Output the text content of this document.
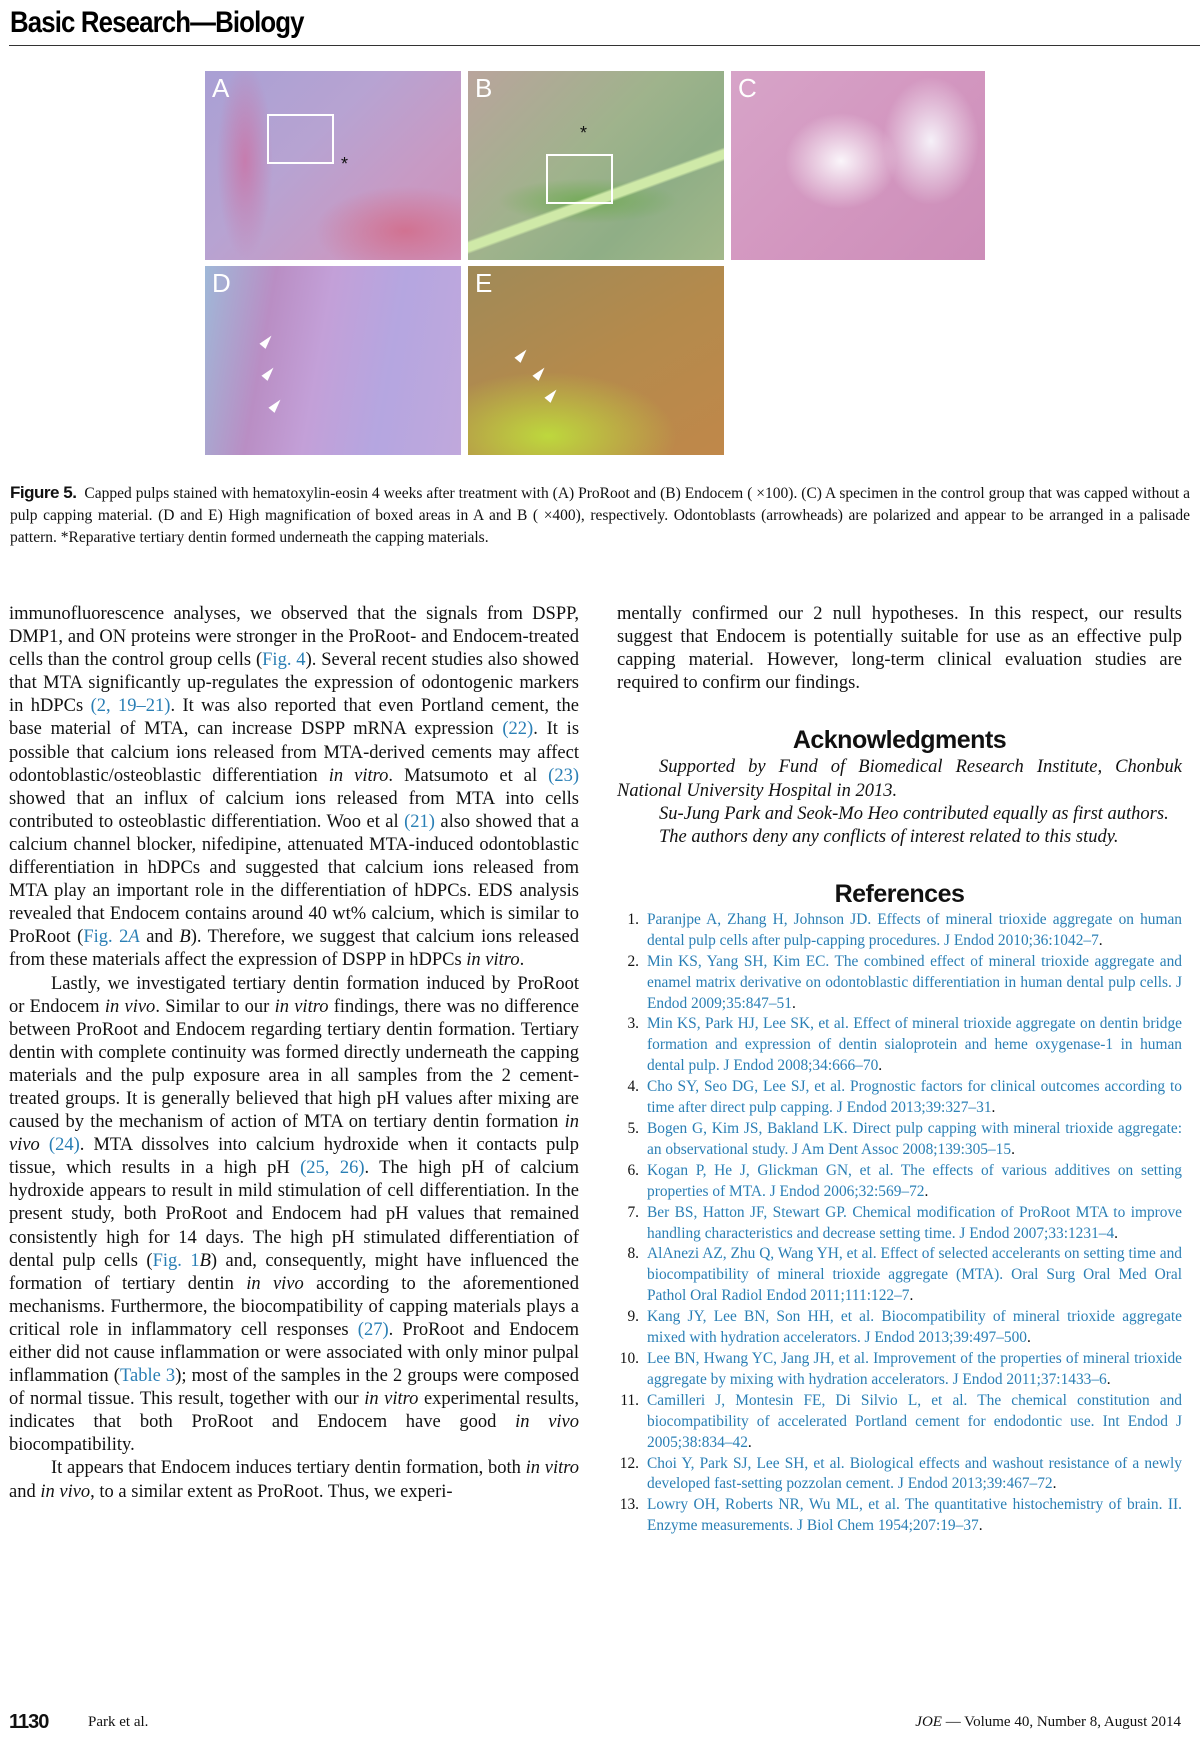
Basic Research—Biology
A
*
B
*
C
D	E
Figure 5. Capped pulps stained with hematoxylin-eosin 4 weeks after treatment with (A) ProRoot and (B) Endocem ( ×100). (C) A specimen in the control group that was capped without a pulp capping material. (D and E) High magnification of boxed areas in A and B ( ×400), respectively. Odontoblasts (arrowheads) are polarized and appear to be arranged in a palisade pattern. *Reparative tertiary dentin formed underneath the capping materials.

immunofluorescence analyses, we observed that the signals from DSPP, DMP1, and ON proteins were stronger in the ProRoot- and Endocem-treated cells than the control group cells (Fig. 4). Several recent studies also showed that MTA significantly up-regulates the expression of odontogenic markers in hDPCs (2, 19–21). It was also reported that even Portland cement, the base material of MTA, can increase DSPP mRNA expression (22). It is possible that calcium ions released from MTA-derived cements may affect odontoblastic/osteoblastic differentiation in vitro. Matsumoto et al (23) showed that an influx of calcium ions released from MTA into cells contributed to osteoblastic differentiation. Woo et al (21) also showed that a calcium channel blocker, nifedipine, attenuated MTA-induced odontoblastic differentiation in hDPCs and suggested that calcium ions released from MTA play an important role in the differentiation of hDPCs. EDS analysis revealed that Endocem contains around 40 wt% calcium, which is similar to ProRoot (Fig. 2A and B). Therefore, we suggest that calcium ions released from these materials affect the expression of DSPP in hDPCs in vitro.

Lastly, we investigated tertiary dentin formation induced by ProRoot or Endocem in vivo. Similar to our in vitro findings, there was no difference between ProRoot and Endocem regarding tertiary dentin formation. Tertiary dentin with complete continuity was formed directly underneath the capping materials and the pulp exposure area in all samples from the 2 cement-treated groups. It is generally believed that high pH values after mixing are caused by the mechanism of action of MTA on tertiary dentin formation in vivo (24). MTA dissolves into calcium hydroxide when it contacts pulp tissue, which results in a high pH (25, 26). The high pH of calcium hydroxide appears to result in mild stimulation of cell differentiation. In the present study, both ProRoot and Endocem had pH values that remained consistently high for 14 days. The high pH stimulated differentiation of dental pulp cells (Fig. 1B) and, consequently, might have influenced the formation of tertiary dentin in vivo according to the aforementioned mechanisms. Furthermore, the biocompatibility of capping materials plays a critical role in inflammatory cell responses (27). ProRoot and Endocem either did not cause inflammation or were associated with only minor pulpal inflammation (Table 3); most of the samples in the 2 groups were composed of normal tissue. This result, together with our in vitro experimental results, indicates that both ProRoot and Endocem have good in vivo biocompatibility.

It appears that Endocem induces tertiary dentin formation, both in vitro and in vivo, to a similar extent as ProRoot. Thus, we experi-

mentally confirmed our 2 null hypotheses. In this respect, our results suggest that Endocem is potentially suitable for use as an effective pulp capping material. However, long-term clinical evaluation studies are required to confirm our findings.

Acknowledgments

Supported by Fund of Biomedical Research Institute, Chonbuk National University Hospital in 2013.

Su-Jung Park and Seok-Mo Heo contributed equally as first authors.

The authors deny any conflicts of interest related to this study.

References
1. Paranjpe A, Zhang H, Johnson JD. Effects of mineral trioxide aggregate on human dental pulp cells after pulp-capping procedures. J Endod 2010;36:1042–7.
2. Min KS, Yang SH, Kim EC. The combined effect of mineral trioxide aggregate and enamel matrix derivative on odontoblastic differentiation in human dental pulp cells. J Endod 2009;35:847–51.
3. Min KS, Park HJ, Lee SK, et al. Effect of mineral trioxide aggregate on dentin bridge formation and expression of dentin sialoprotein and heme oxygenase-1 in human dental pulp. J Endod 2008;34:666–70.
4. Cho SY, Seo DG, Lee SJ, et al. Prognostic factors for clinical outcomes according to time after direct pulp capping. J Endod 2013;39:327–31.
5. Bogen G, Kim JS, Bakland LK. Direct pulp capping with mineral trioxide aggregate: an observational study. J Am Dent Assoc 2008;139:305–15.
6. Kogan P, He J, Glickman GN, et al. The effects of various additives on setting properties of MTA. J Endod 2006;32:569–72.
7. Ber BS, Hatton JF, Stewart GP. Chemical modification of ProRoot MTA to improve handling characteristics and decrease setting time. J Endod 2007;33:1231–4.
8. AlAnezi AZ, Zhu Q, Wang YH, et al. Effect of selected accelerants on setting time and biocompatibility of mineral trioxide aggregate (MTA). Oral Surg Oral Med Oral Pathol Oral Radiol Endod 2011;111:122–7.
9. Kang JY, Lee BN, Son HH, et al. Biocompatibility of mineral trioxide aggregate mixed with hydration accelerators. J Endod 2013;39:497–500.
10. Lee BN, Hwang YC, Jang JH, et al. Improvement of the properties of mineral trioxide aggregate by mixing with hydration accelerators. J Endod 2011;37:1433–6.
11. Camilleri J, Montesin FE, Di Silvio L, et al. The chemical constitution and biocompatibility of accelerated Portland cement for endodontic use. Int Endod J 2005;38:834–42.
12. Choi Y, Park SJ, Lee SH, et al. Biological effects and washout resistance of a newly developed fast-setting pozzolan cement. J Endod 2013;39:467–72.
13. Lowry OH, Roberts NR, Wu ML, et al. The quantitative histochemistry of brain. II. Enzyme measurements. J Biol Chem 1954;207:19–37.
1130	Park et al.	JOE — Volume 40, Number 8, August 2014
